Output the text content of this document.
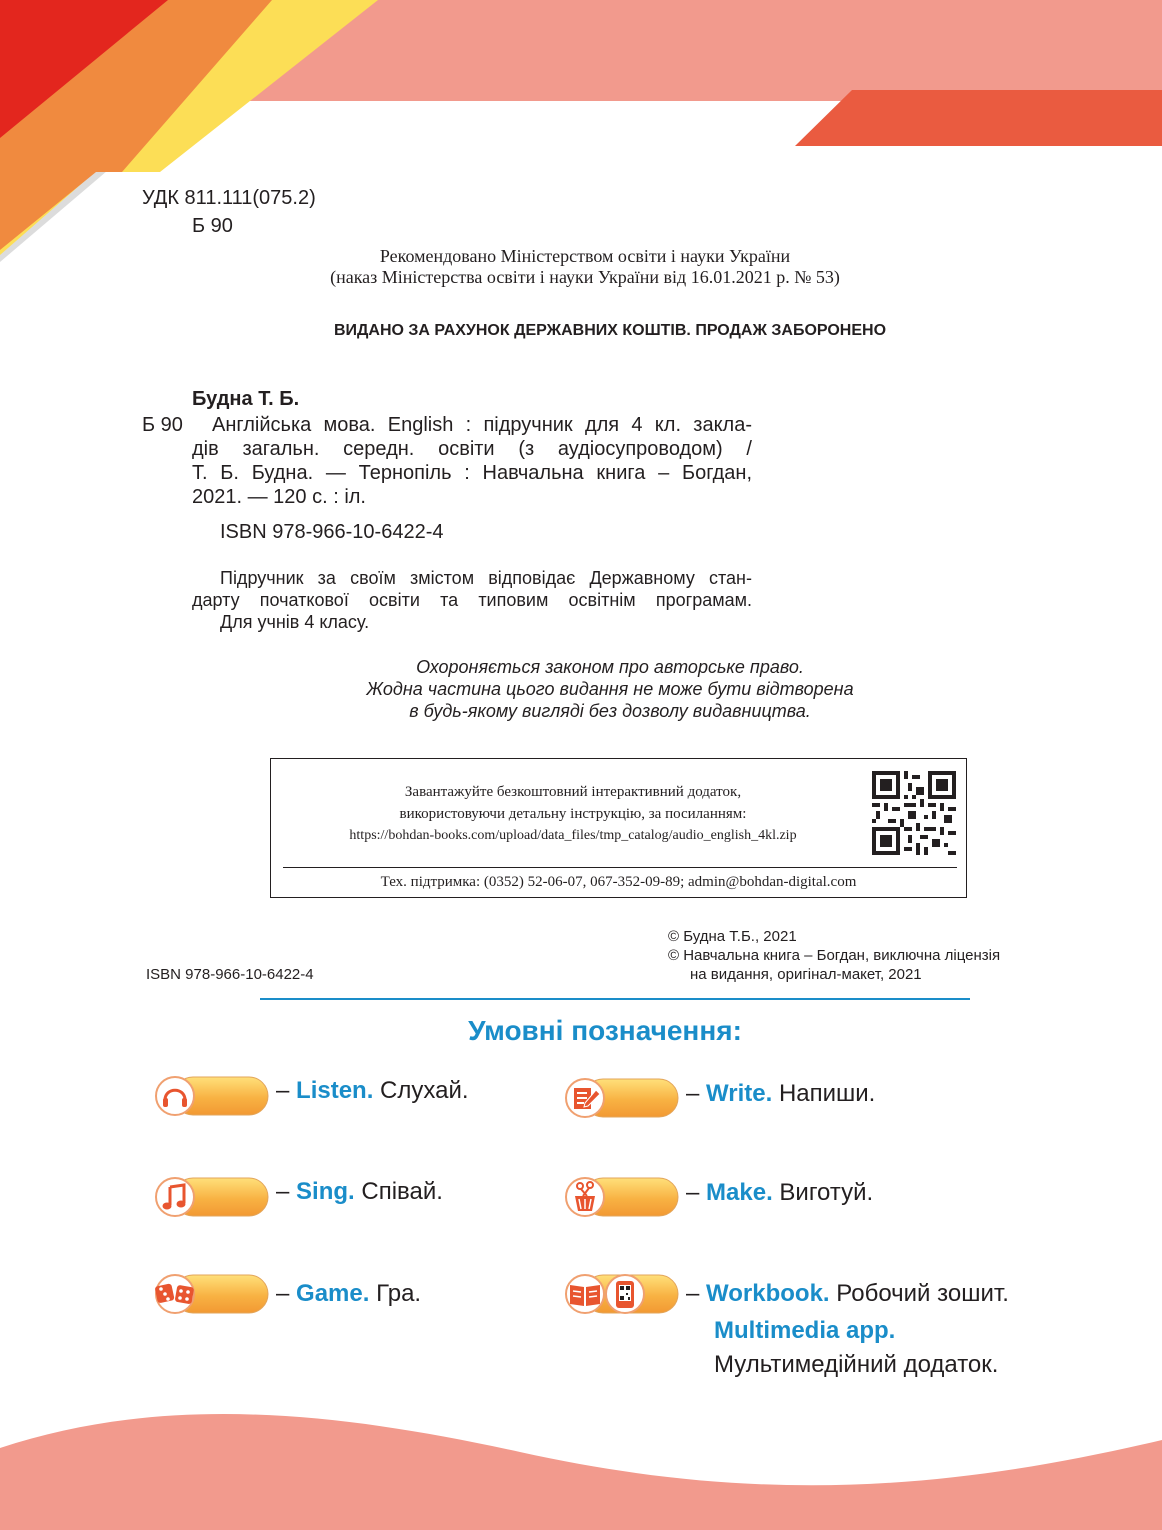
УДК 811.111(075.2)
Б 90
Рекомендовано Міністерством освіти і науки України
(наказ Міністерства освіти і науки України від 16.01.2021 р. № 53)
ВИДАНО ЗА РАХУНОК ДЕРЖАВНИХ КОШТІВ. ПРОДАЖ ЗАБОРОНЕНО
Будна Т. Б.
Б 90 Англійська мова. English : підручник для 4 кл. закла-
дів загальн. середн. освіти (з аудіосупроводом) /
Т. Б. Будна. — Тернопіль : Навчальна книга – Богдан,
2021. — 120 с. : іл.
ISBN 978-966-10-6422-4
Підручник за своїм змістом відповідає Державному стан-
дарту початкової освіти та типовим освітнім програмам.
Для учнів 4 класу.
Охороняється законом про авторське право.
Жодна частина цього видання не може бути відтворена
в будь-якому вигляді без дозволу видавництва.
Завантажуйте безкоштовний інтерактивний додаток,
використовуючи детальну інструкцію, за посиланням:
https://bohdan-books.com/upload/data_files/tmp_catalog/audio_english_4kl.zip
Тех. підтримка: (0352) 52-06-07, 067-352-09-89; admin@bohdan-digital.com
ISBN 978-966-10-6422-4
© Будна Т.Б., 2021
© Навчальна книга – Богдан, виключна ліцензія
на видання, оригінал-макет, 2021
Умовні позначення:
– Listen. Слухай.	– Write. Напиши.
– Sing. Співай.	– Make. Виготуй.
– Game. Гра.	– Workbook. Робочий зошит.
Multimedia app.
Мультимедійний додаток.
